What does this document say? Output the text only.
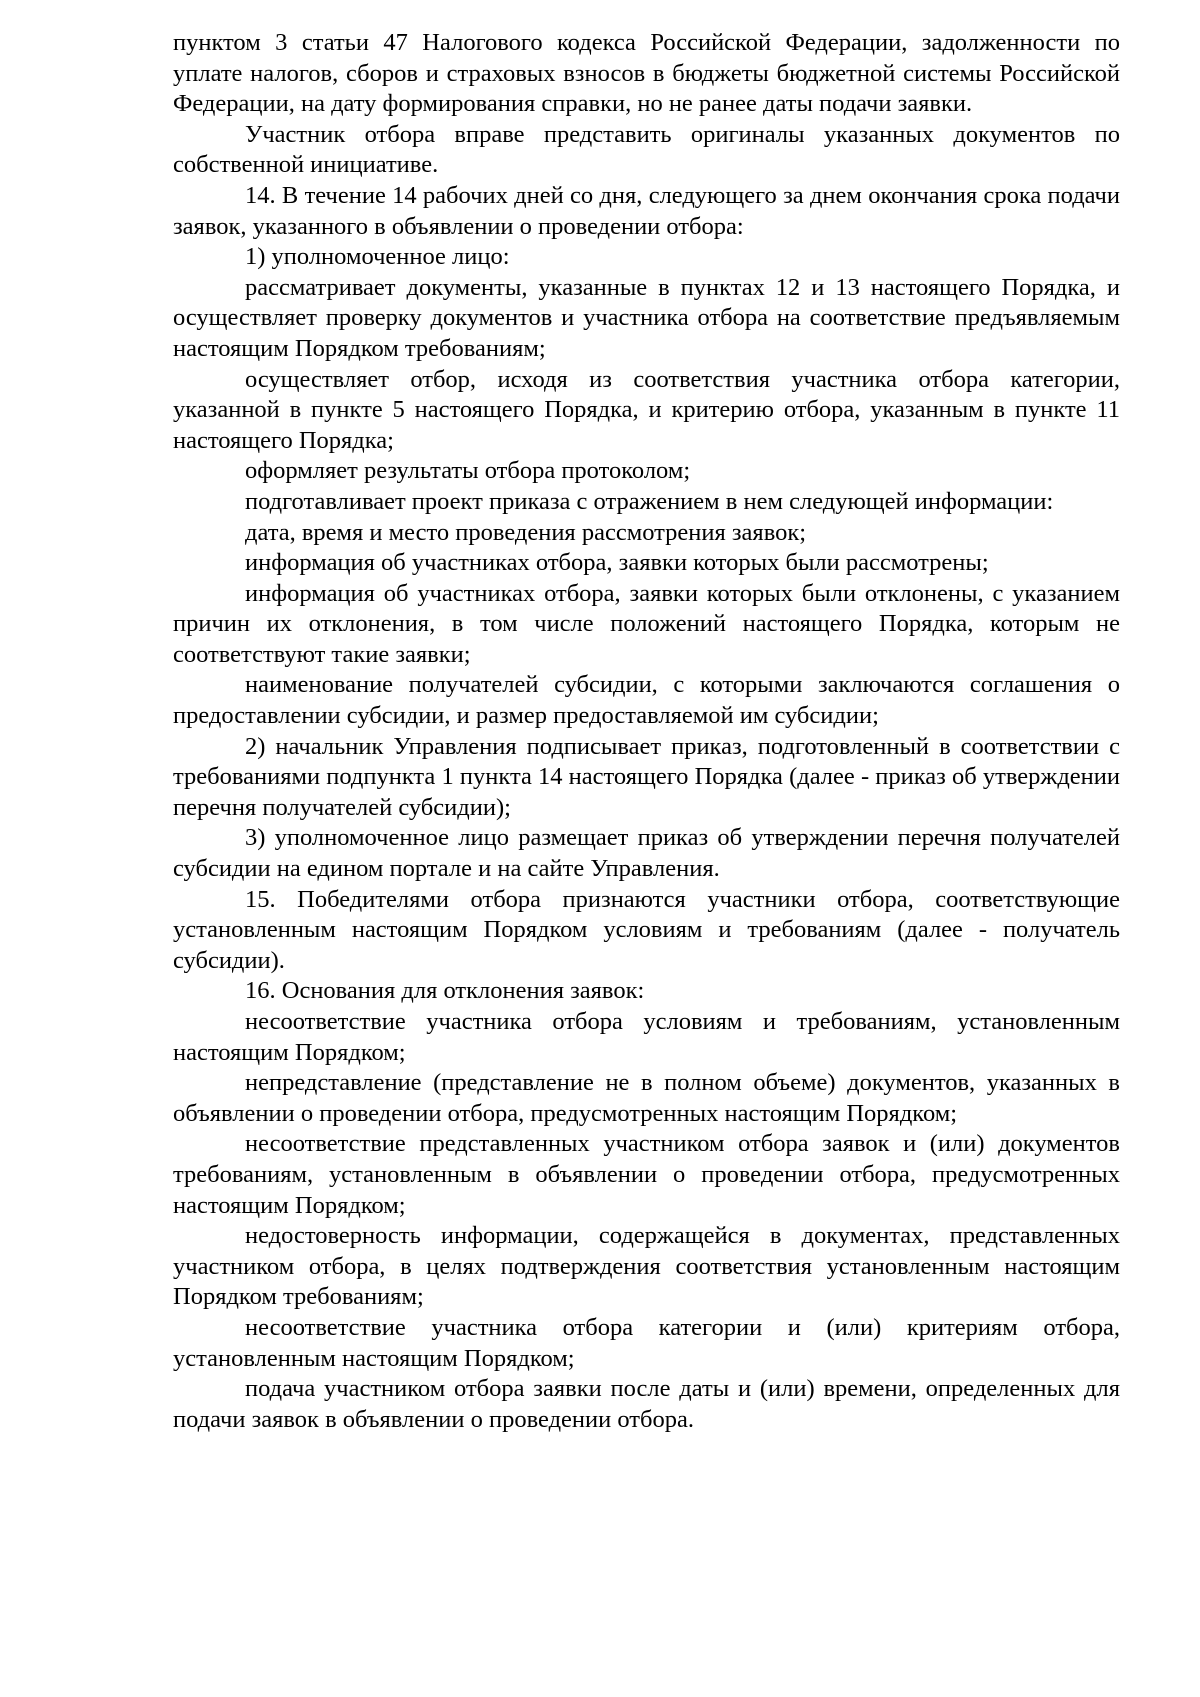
пунктом 3 статьи 47 Налогового кодекса Российской Федерации, задолженности по уплате налогов, сборов и страховых взносов в бюджеты бюджетной системы Российской Федерации, на дату формирования справки, но не ранее даты подачи заявки.

Участник отбора вправе представить оригиналы указанных документов по собственной инициативе.

14. В течение 14 рабочих дней со дня, следующего за днем окончания срока подачи заявок, указанного в объявлении о проведении отбора:

1) уполномоченное лицо:

рассматривает документы, указанные в пунктах 12 и 13 настоящего Порядка, и осуществляет проверку документов и участника отбора на соответствие предъявляемым настоящим Порядком требованиям;

осуществляет отбор, исходя из соответствия участника отбора категории, указанной в пункте 5 настоящего Порядка, и критерию отбора, указанным в пункте 11 настоящего Порядка;

оформляет результаты отбора протоколом;

подготавливает проект приказа с отражением в нем следующей информации:

дата, время и место проведения рассмотрения заявок;

информация об участниках отбора, заявки которых были рассмотрены;

информация об участниках отбора, заявки которых были отклонены, с указанием причин их отклонения, в том числе положений настоящего Порядка, которым не соответствуют такие заявки;

наименование получателей субсидии, с которыми заключаются соглашения о предоставлении субсидии, и размер предоставляемой им субсидии;

2) начальник Управления подписывает приказ, подготовленный в соответствии с требованиями подпункта 1 пункта 14 настоящего Порядка (далее - приказ об утверждении перечня получателей субсидии);

3) уполномоченное лицо размещает приказ об утверждении перечня получателей субсидии на едином портале и на сайте Управления.

15. Победителями отбора признаются участники отбора, соответствующие установленным настоящим Порядком условиям и требованиям (далее - получатель субсидии).

16. Основания для отклонения заявок:

несоответствие участника отбора условиям и требованиям, установленным настоящим Порядком;

непредставление (представление не в полном объеме) документов, указанных в объявлении о проведении отбора, предусмотренных настоящим Порядком;

несоответствие представленных участником отбора заявок и (или) документов требованиям, установленным в объявлении о проведении отбора, предусмотренных настоящим Порядком;

недостоверность информации, содержащейся в документах, представленных участником отбора, в целях подтверждения соответствия установленным настоящим Порядком требованиям;

несоответствие участника отбора категории и (или) критериям отбора, установленным настоящим Порядком;

подача участником отбора заявки после даты и (или) времени, определенных для подачи заявок в объявлении о проведении отбора.
